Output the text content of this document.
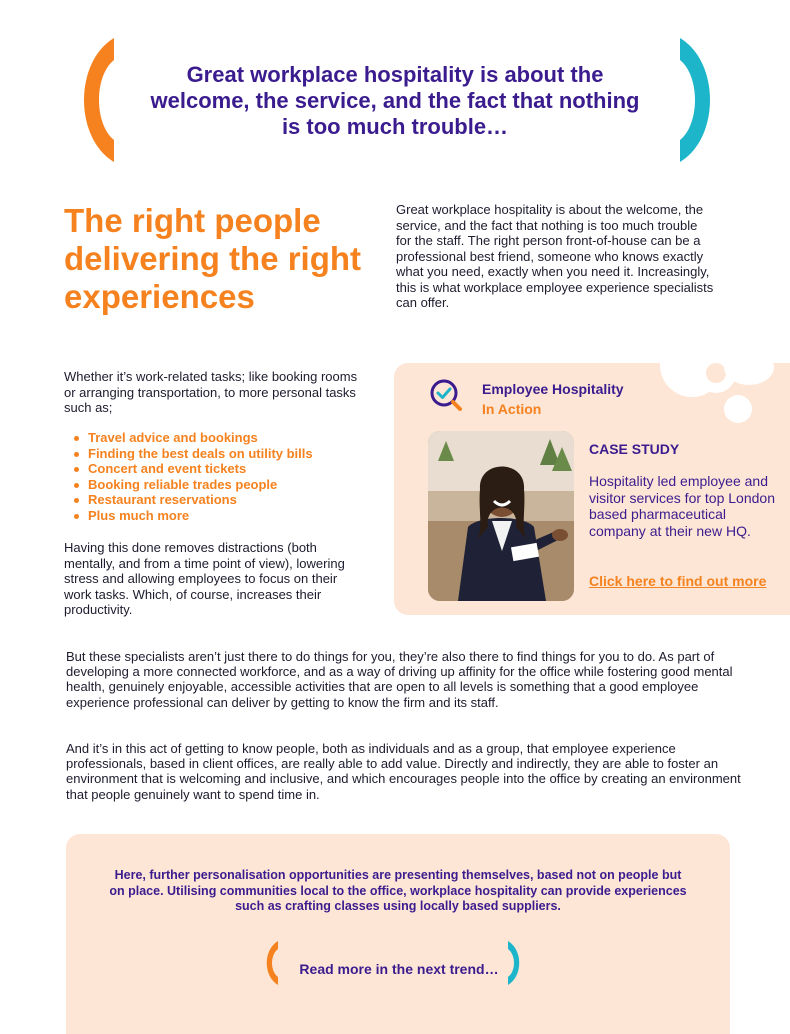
Great workplace hospitality is about the welcome, the service, and the fact that nothing is too much trouble…
The right people delivering the right experiences
Great workplace hospitality is about the welcome, the service, and the fact that nothing is too much trouble for the staff. The right person front-of-house can be a professional best friend, someone who knows exactly what you need, exactly when you need it. Increasingly, this is what workplace employee experience specialists can offer.
Whether it’s work-related tasks; like booking rooms or arranging transportation, to more personal tasks such as;
Travel advice and bookings
Finding the best deals on utility bills
Concert and event tickets
Booking reliable trades people
Restaurant reservations
Plus much more
Having this done removes distractions (both mentally, and from a time point of view), lowering stress and allowing employees to focus on their work tasks. Which, of course, increases their productivity.
Employee Hospitality
In Action
CASE STUDY
Hospitality led employee and visitor services for top London based pharmaceutical company at their new HQ.
Click here to find out more
But these specialists aren’t just there to do things for you, they’re also there to find things for you to do. As part of developing a more connected workforce, and as a way of driving up affinity for the office while fostering good mental health, genuinely enjoyable, accessible activities that are open to all levels is something that a good employee experience professional can deliver by getting to know the firm and its staff.
And it’s in this act of getting to know people, both as individuals and as a group, that employee experience professionals, based in client offices, are really able to add value. Directly and indirectly, they are able to foster an environment that is welcoming and inclusive, and which encourages people into the office by creating an environment that people genuinely want to spend time in.
Here, further personalisation opportunities are presenting themselves, based not on people but on place. Utilising communities local to the office, workplace hospitality can provide experiences such as crafting classes using locally based suppliers.
Read more in the next trend…
